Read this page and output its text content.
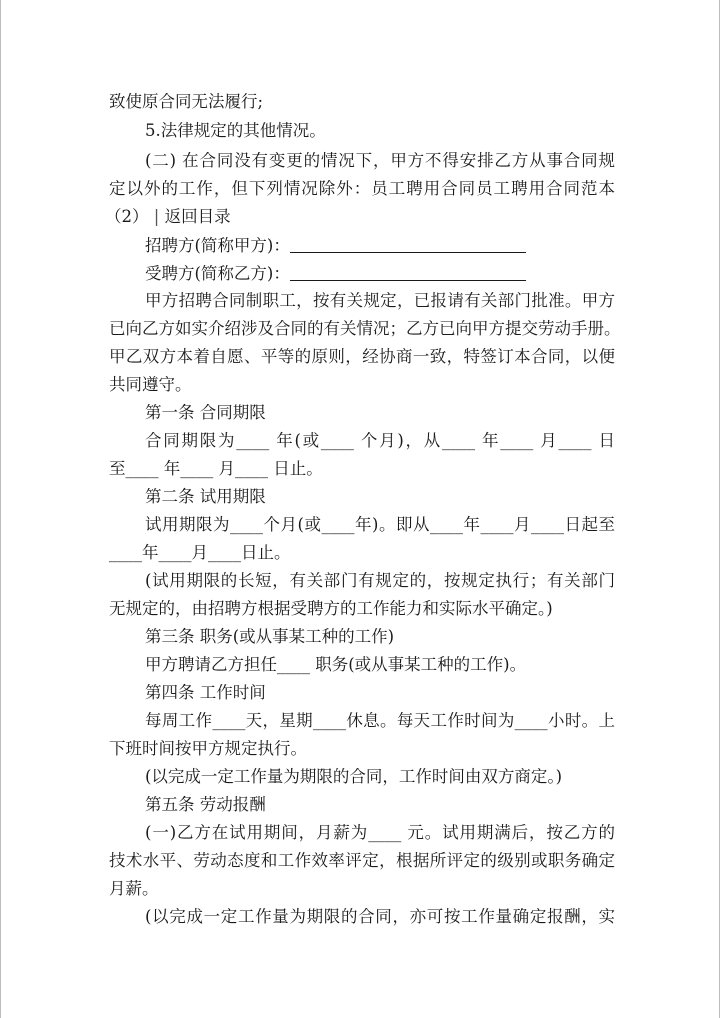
致使原合同无法履行;
5.法律规定的其他情况。
(二) 在合同没有变更的情况下，甲方不得安排乙方从事合同规
定以外的工作，但下列情况除外：员工聘用合同员工聘用合同范本
（2） | 返回目录
招聘方(简称甲方)：
受聘方(简称乙方)：
甲方招聘合同制职工，按有关规定，已报请有关部门批准。甲方
已向乙方如实介绍涉及合同的有关情况；乙方已向甲方提交劳动手册。
甲乙双方本着自愿、平等的原则，经协商一致，特签订本合同，以便
共同遵守。
第一条 合同期限
合同期限为____ 年(或____ 个月)，从____ 年____ 月____ 日
至____ 年____ 月____ 日止。
第二条 试用期限
试用期限为____个月(或____年)。即从____年____月____日起至
____年____月____日止。
(试用期限的长短，有关部门有规定的，按规定执行；有关部门
无规定的，由招聘方根据受聘方的工作能力和实际水平确定。)
第三条 职务(或从事某工种的工作)
甲方聘请乙方担任____ 职务(或从事某工种的工作)。
第四条 工作时间
每周工作____天，星期____休息。每天工作时间为____小时。上
下班时间按甲方规定执行。
(以完成一定工作量为期限的合同，工作时间由双方商定。)
第五条 劳动报酬
(一)乙方在试用期间，月薪为____ 元。试用期满后，按乙方的
技术水平、劳动态度和工作效率评定，根据所评定的级别或职务确定
月薪。
(以完成一定工作量为期限的合同，亦可按工作量确定报酬，实
